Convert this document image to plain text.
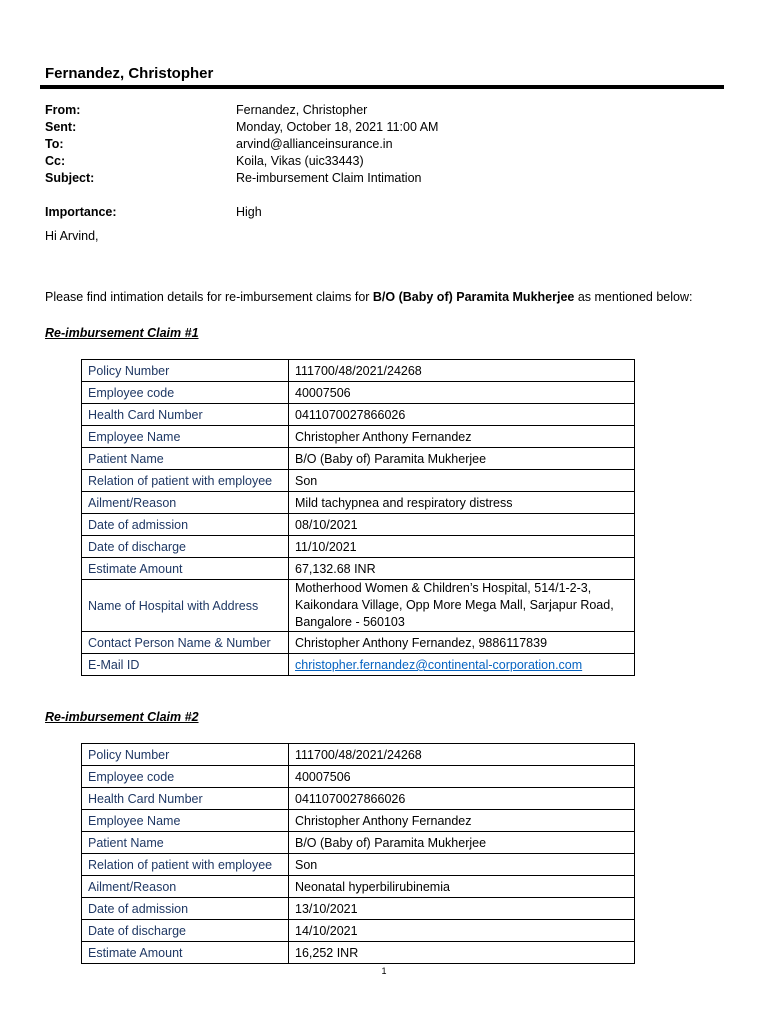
Fernandez, Christopher
From:	Fernandez, Christopher
Sent:	Monday, October 18, 2021 11:00 AM
To:	arvind@allianceinsurance.in
Cc:	Koila, Vikas (uic33443)
Subject:	Re-imbursement Claim Intimation
Importance:	High
Hi Arvind,
Please find intimation details for re-imbursement claims for B/O (Baby of) Paramita Mukherjee as mentioned below:
Re-imbursement Claim #1
Policy Number	111700/48/2021/24268
Employee code	40007506
Health Card Number	0411070027866026
Employee Name	Christopher Anthony Fernandez
Patient Name	B/O (Baby of) Paramita Mukherjee
Relation of patient with employee	Son
Ailment/Reason	Mild tachypnea and respiratory distress
Date of admission	08/10/2021
Date of discharge	11/10/2021
Estimate Amount	67,132.68 INR
Name of Hospital with Address	Motherhood Women & Children’s Hospital, 514/1-2-3,
Kaikondara Village, Opp More Mega Mall, Sarjapur Road,
Bangalore - 560103

Contact Person Name & Number	Christopher Anthony Fernandez, 9886117839
E-Mail ID	christopher.fernandez@continental-corporation.com
Re-imbursement Claim #2
Policy Number	111700/48/2021/24268
Employee code	40007506
Health Card Number	0411070027866026
Employee Name	Christopher Anthony Fernandez
Patient Name	B/O (Baby of) Paramita Mukherjee
Relation of patient with employee	Son
Ailment/Reason	Neonatal hyperbilirubinemia
Date of admission	13/10/2021
Date of discharge	14/10/2021
Estimate Amount	16,252 INR
1
